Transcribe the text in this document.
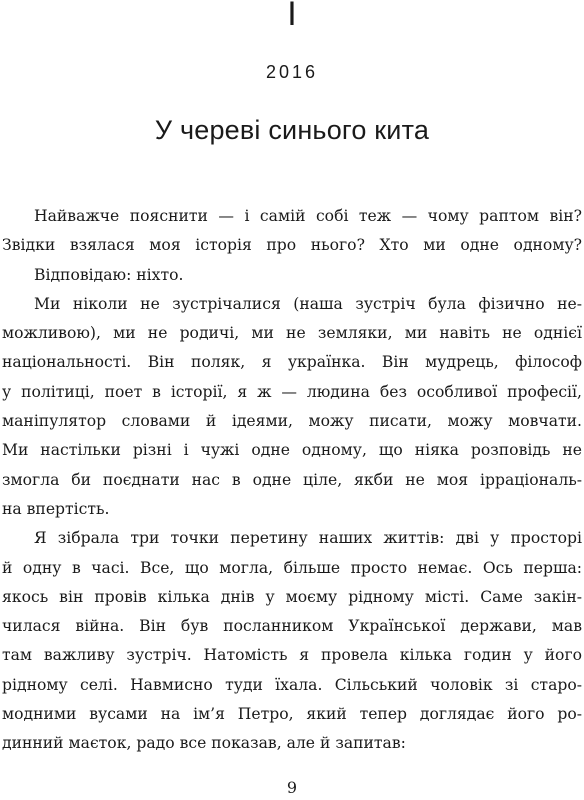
I
2016
У череві синього кита
Найважче пояснити — і самій собі теж — чому раптом він?
Звідки взялася моя історія про нього? Хто ми одне одному?
Відповідаю: ніхто.
Ми ніколи не зустрічалися (наша зустріч була фізично не-
можливою), ми не родичі, ми не земляки, ми навіть не однієї
національності. Він поляк, я українка. Він мудрець, філософ
у політиці, поет в історії, я ж — людина без особливої професії,
маніпулятор словами й ідеями, можу писати, можу мовчати.
Ми настільки різні і чужі одне одному, що ніяка розповідь не
змогла би поєднати нас в одне ціле, якби не моя ірраціональ-
на впертість.
Я зібрала три точки перетину наших життів: дві у просторі
й одну в часі. Все, що могла, більше просто немає. Ось перша:
якось він провів кілька днів у моєму рідному місті. Саме закін-
чилася війна. Він був посланником Української держави, мав
там важливу зустріч. Натомість я провела кілька годин у його
рідному селі. Навмисно туди їхала. Сільський чоловік зі старо-
модними вусами на ім’я Петро, який тепер доглядає його ро-
динний маєток, радо все показав, але й запитав:
9
